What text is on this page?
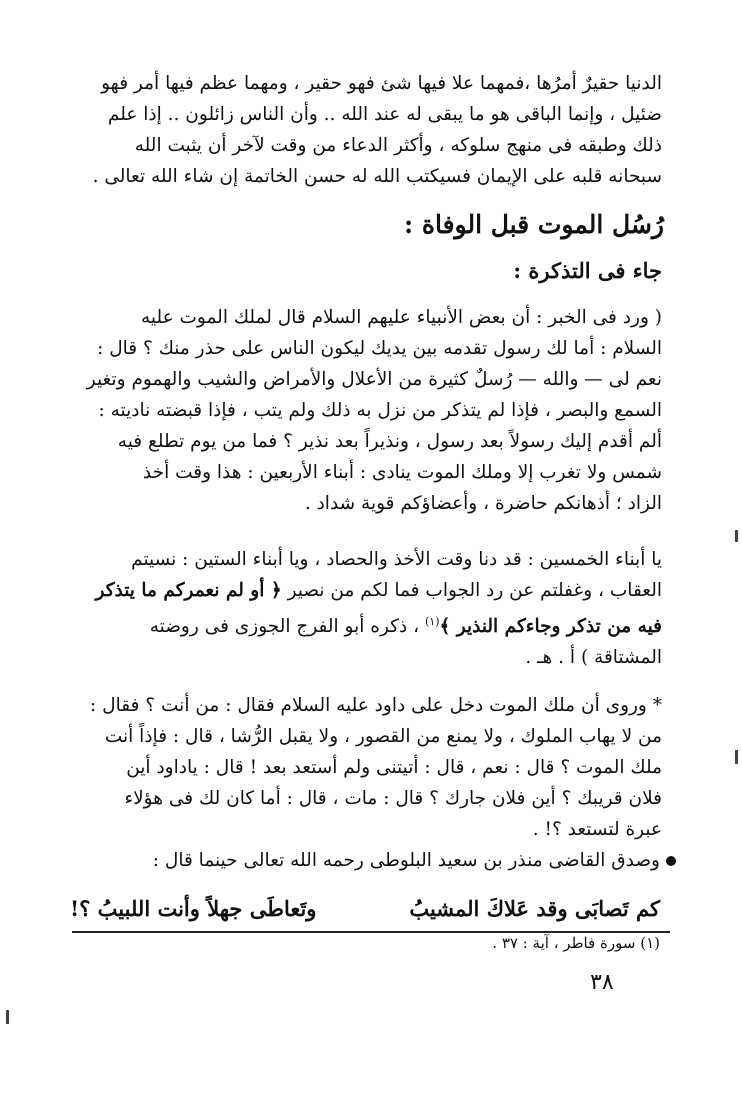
الدنيا حقيرٌ أمرُها ،فمهما علا فيها شئ فهو حقير ، ومهما عظم فيها أمر فهو

ضئيل ، وإنما الباقى هو ما يبقى له عند الله .. وأن الناس زائلون .. إذا علم

ذلك وطبقه فى منهج سلوكه ، وأكثر الدعاء من وقت لآخر أن يثبت الله

سبحانه قلبه على الإيمان فسيكتب الله له حسن الخاتمة إن شاء الله تعالى .

رُسُل الموت قبل الوفاة :
جاء فى التذكرة :

( ورد فى الخبر : أن بعض الأنبياء عليهم السلام قال لملك الموت عليه

السلام : أما لك رسول تقدمه بين يديك ليكون الناس على حذر منك ؟ قال :

نعم لى — والله — رُسلٌ كثيرة من الأعلال والأمراض والشيب والهموم وتغير

السمع والبصر ، فإذا لم يتذكر من نزل به ذلك ولم يتب ، فإذا قبضته ناديته :

ألم أقدم إليك رسولاً بعد رسول ، ونذيراً بعد نذير ؟ فما من يوم تطلع فيه

شمس ولا تغرب إلا وملك الموت ينادى : أبناء الأربعين : هذا وقت أخذ

الزاد ؛ أذهانكم حاضرة ، وأعضاؤكم قوية شداد .

يا أبناء الخمسين : قد دنا وقت الأخذ والحصاد ، ويا أبناء الستين : نسيتم

العقاب ، وغفلتم عن رد الجواب فما لكم من نصير ﴿ أو لم نعمركم ما يتذكر

فيه من تذكر وجاءكم النذير ﴾$^{(١)}$ ، ذكره أبو الفرج الجوزى فى روضته

المشتاقة ) أ . هـ .

* وروى أن ملك الموت دخل على داود عليه السلام فقال : من أنت ؟ فقال :

من لا يهاب الملوك ، ولا يمنع من القصور ، ولا يقبل الرُّشا ، قال : فإذاً أنت

ملك الموت ؟ قال : نعم ، قال : أتيتنى ولم أستعد بعد ! قال : ياداود أين

فلان قريبك ؟ أين فلان جارك ؟ قال : مات ، قال : أما كان لك فى هؤلاء

عبرة لتستعد ؟! .

وصدق القاضى منذر بن سعيد البلوطى رحمه الله تعالى حينما قال :

كم تَصابَى وقد عَلاكَ المشيبُ
وتَعاطَى جهلاً وأنت اللبيبُ ؟!
(١) سورة فاطر ، آية : ٣٧ .
٣٨
